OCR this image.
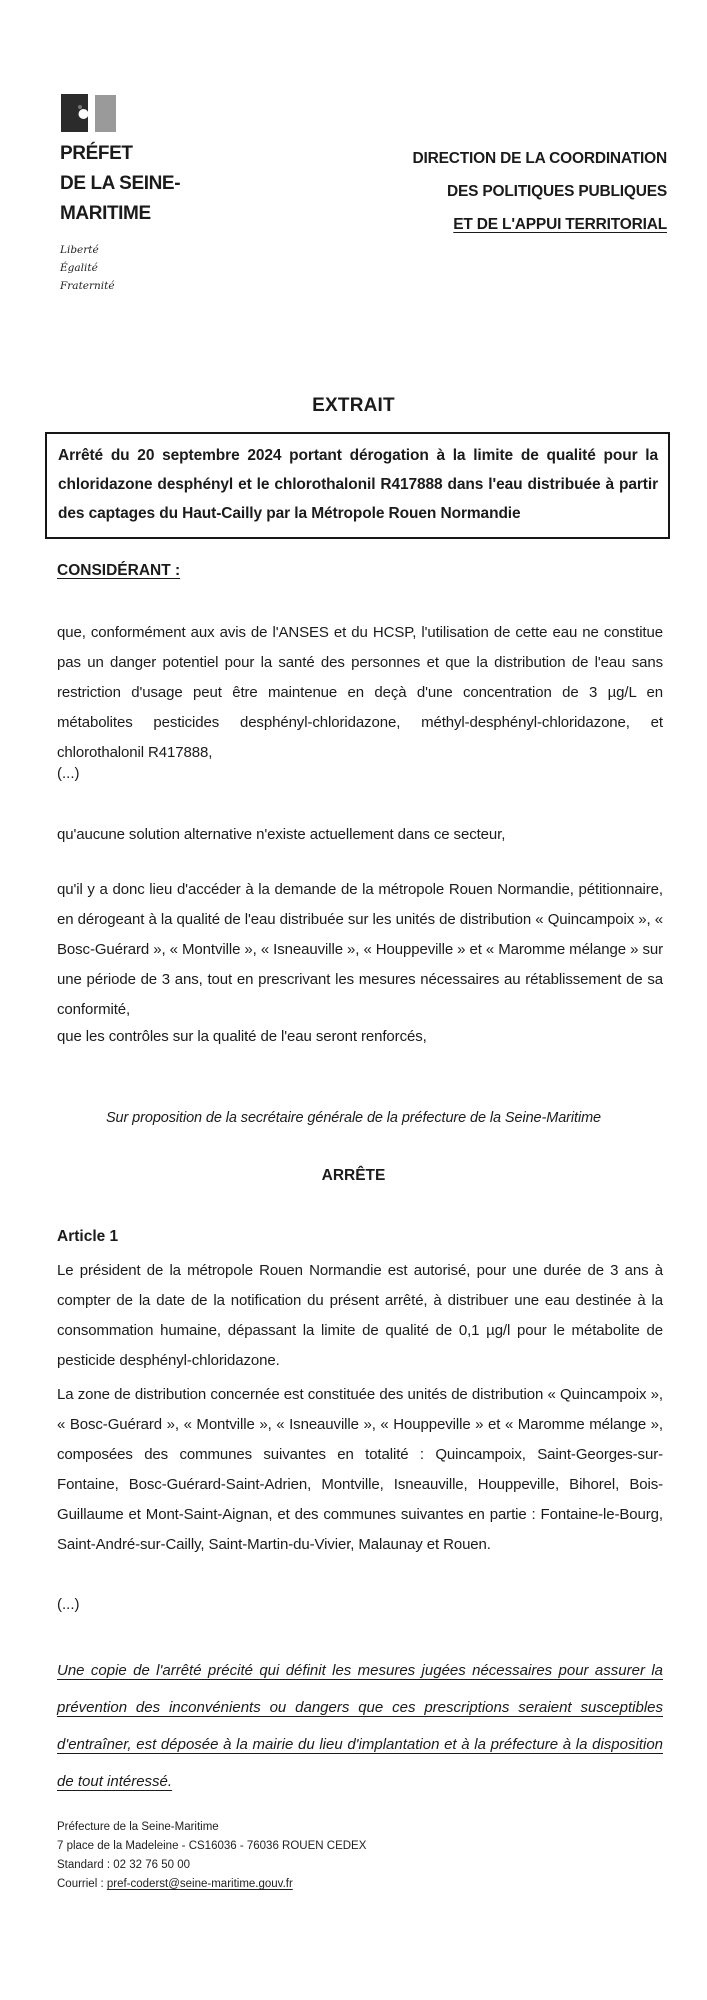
PRÉFET
DE LA SEINE-
MARITIME
Liberté
Égalité
Fraternité
DIRECTION DE LA COORDINATION
DES POLITIQUES PUBLIQUES
ET DE L'APPUI TERRITORIAL
EXTRAIT
Arrêté du 20 septembre 2024 portant dérogation à la limite de qualité pour la chloridazone desphényl et le chlorothalonil R417888 dans l'eau distribuée à partir des captages du Haut-Cailly par la Métropole Rouen Normandie
CONSIDÉRANT :
que, conformément aux avis de l'ANSES et du HCSP, l'utilisation de cette eau ne constitue pas un danger potentiel pour la santé des personnes et que la distribution de l'eau sans restriction d'usage peut être maintenue en deçà d'une concentration de 3 µg/L en métabolites pesticides desphényl-chloridazone, méthyl-desphényl-chloridazone, et chlorothalonil R417888,
(...)
qu'aucune solution alternative n'existe actuellement dans ce secteur,
qu'il y a donc lieu d'accéder à la demande de la métropole Rouen Normandie, pétitionnaire, en dérogeant à la qualité de l'eau distribuée sur les unités de distribution « Quincampoix », « Bosc-Guérard », « Montville », « Isneauville », « Houppeville » et « Maromme mélange » sur une période de 3 ans, tout en prescrivant les mesures nécessaires au rétablissement de sa conformité,
que les contrôles sur la qualité de l'eau seront renforcés,
Sur proposition de la secrétaire générale de la préfecture de la Seine-Maritime
ARRÊTE
Article 1
Le président de la métropole Rouen Normandie est autorisé, pour une durée de 3 ans à compter de la date de la notification du présent arrêté, à distribuer une eau destinée à la consommation humaine, dépassant la limite de qualité de 0,1 µg/l pour le métabolite de pesticide desphényl-chloridazone.
La zone de distribution concernée est constituée des unités de distribution « Quincampoix », « Bosc-Guérard », « Montville », « Isneauville », « Houppeville » et « Maromme mélange », composées des communes suivantes en totalité : Quincampoix, Saint-Georges-sur-Fontaine, Bosc-Guérard-Saint-Adrien, Montville, Isneauville, Houppeville, Bihorel, Bois-Guillaume et Mont-Saint-Aignan, et des communes suivantes en partie : Fontaine-le-Bourg, Saint-André-sur-Cailly, Saint-Martin-du-Vivier, Malaunay et Rouen.
(...)
Une copie de l'arrêté précité qui définit les mesures jugées nécessaires pour assurer la prévention des inconvénients ou dangers que ces prescriptions seraient susceptibles d'entraîner, est déposée à la mairie du lieu d'implantation et à la préfecture à la disposition de tout intéressé.
Préfecture de la Seine-Maritime
7 place de la Madeleine - CS16036 - 76036 ROUEN CEDEX
Standard : 02 32 76 50 00
Courriel : pref-coderst@seine-maritime.gouv.fr
